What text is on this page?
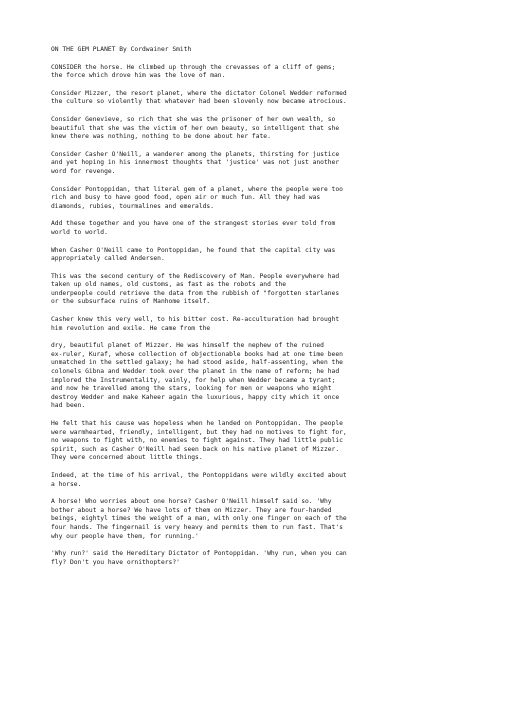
ON THE GEM PLANET By Cordwainer Smith

CONSIDER the horse. He climbed up through the crevasses of a cliff of gems;
the force which drove him was the love of man.

Consider Mizzer, the resort planet, where the dictator Colonel Wedder reformed
the culture so violently that whatever had been slovenly now became atrocious.

Consider Genevieve, so rich that she was the prisoner of her own wealth, so
beautiful that she was the victim of her own beauty, so intelligent that she
knew there was nothing, nothing to be done about her fate.

Consider Casher O'Neill, a wanderer among the planets, thirsting for justice
and yet hoping in his innermost thoughts that 'justice' was not just another
word for revenge.

Consider Pontoppidan, that literal gem of a planet, where the people were too
rich and busy to have good food, open air or much fun. All they had was
diamonds, rubies, tourmalines and emeralds.

Add these together and you have one of the strangest stories ever told from
world to world.

When Casher O'Neill came to Pontoppidan, he found that the capital city was
appropriately called Andersen.

This was the second century of the Rediscovery of Man. People everywhere had
taken up old names, old customs, as fast as the robots and the
underpeople could retrieve the data from the rubbish of "forgotten starlanes
or the subsurface ruins of Manhome itself.

Casher knew this very well, to his bitter cost. Re-acculturation had brought
him revolution and exile. He came from the

dry, beautiful planet of Mizzer. He was himself the nephew of the ruined
ex-ruler, Kuraf, whose collection of objectionable books had at one time been
unmatched in the settled galaxy; he had stood aside, half-assenting, when the
colonels Gibna and Wedder took over the planet in the name of reform; he had
implored the Instrumentality, vainly, for help when Wedder became a tyrant;
and now he travelled among the stars, looking for men or weapons who might
destroy Wedder and make Kaheer again the luxurious, happy city which it once
had been.

He felt that his cause was hopeless when he landed on Pontoppidan. The people
were warmhearted, friendly, intelligent, but they had no motives to fight for,
no weapons to fight with, no enemies to fight against. They had little public
spirit, such as Casher O'Neill had seen back on his native planet of Mizzer.
They were concerned about little things.

Indeed, at the time of his arrival, the Pontoppidans were wildly excited about
a horse.

A horse! Who worries about one horse? Casher O'Neill himself said so. 'Why
bother about a horse? We have lots of them on Mizzer. They are four-handed
beings, eightyl times the weight of a man, with only one finger on each of the
four hands. The fingernail is very heavy and permits them to run fast. That's
why our people have them, for running.'

'Why run?' said the Hereditary Dictator of Pontoppidan. 'Why run, when you can
fly? Don't you have ornithopters?'
